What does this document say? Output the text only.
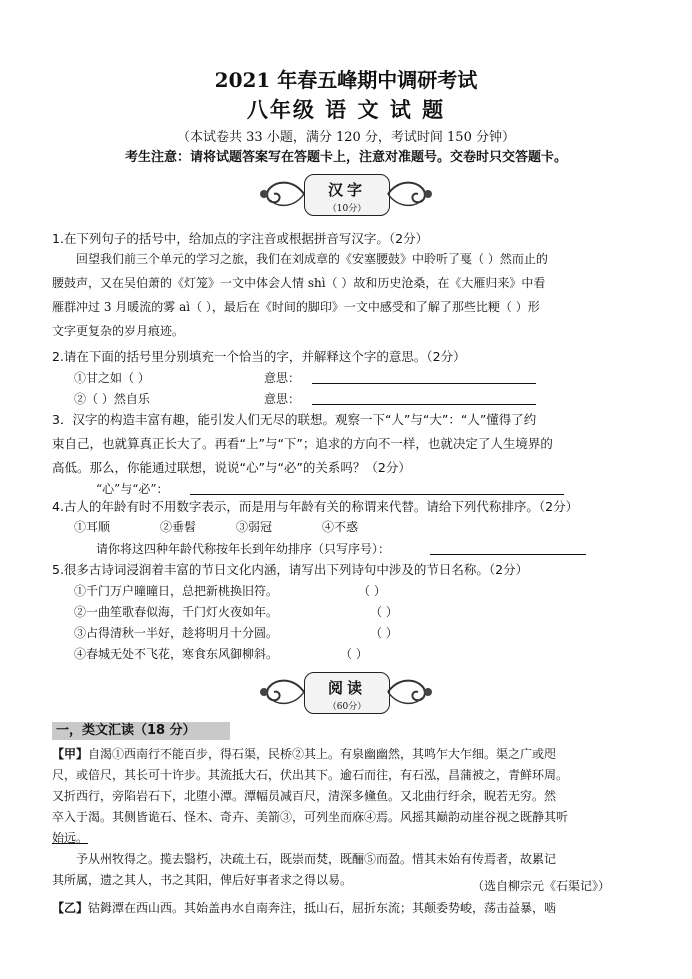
2021 年春五峰期中调研考试
八年级 语 文 试 题
（本试卷共 33 小题，满分 120 分，考试时间 150 分钟）
考生注意：请将试题答案写在答题卡上，注意对准题号。交卷时只交答题卡。
汉字
（10分）
1.在下列句子的括号中，给加点的字注音或根据拼音写汉字。（2分）
回望我们前三个单元的学习之旅，我们在刘成章的《安塞腰鼓》中聆听了戛（ ）然而止的
腰鼓声，又在吴伯萧的《灯笼》一文中体会人情 shì（ ）故和历史沧桑，在《大雁归来》中看
雁群冲过 3 月暖流的雾 aì（ ），最后在《时间的脚印》一文中感受和了解了那些比粳（ ）形
文字更复杂的岁月痕迹。
2.请在下面的括号里分别填充一个恰当的字，并解释这个字的意思。（2分）
①甘之如（ ）	意思：
②（ ）然自乐	意思：
3．汉字的构造丰富有趣，能引发人们无尽的联想。观察一下“人”与“大”：“人”懂得了约
束自己，也就算真正长大了。再看“上”与“下”；追求的方向不一样，也就决定了人生境界的
高低。那么，你能通过联想，说说“心”与“必”的关系吗？（2分）
“心”与“必”：
4.古人的年龄有时不用数字表示，而是用与年龄有关的称谓来代替。请给下列代称排序。（2分）
①耳顺	②垂髫	③弱冠	④不惑
请你将这四种年龄代称按年长到年幼排序（只写序号）：
5.很多古诗词浸润着丰富的节日文化内涵，请写出下列诗句中涉及的节日名称。（2分）
①千门万户曈曈日，总把新桃换旧符。	（ ）
②一曲笙歌春似海，千门灯火夜如年。	（ ）
③占得清秋一半好，趁将明月十分圆。	（ ）
④春城无处不飞花，寒食东风御柳斜。	（ ）
阅读
（60分）
一，类文汇读（18 分）
【甲】自渴①西南行不能百步，得石渠，民桥②其上。有泉幽幽然，其鸣乍大乍细。渠之广或咫
尺，或倍尺，其长可十许步。其流抵大石，伏出其下。逾石而往，有石泓，昌蒲被之，青鲜环周。
又折西行，旁陷岩石下，北堕小潭。潭幅员减百尺，清深多儵鱼。又北曲行纡余，睨若无穷。然
卒入于渴。其侧皆诡石、怪木、奇卉、美箭③，可列坐而庥④焉。风摇其巅韵动崖谷视之既静其听
始远。
予从州牧得之。揽去翳朽，决疏土石，既崇而焚，既酾⑤而盈。惜其未始有传焉者，故累记
其所属，遗之其人，书之其阳，俾后好事者求之得以易。	（选自柳宗元《石渠记》）
【乙】钴鉧潭在西山西。其始盖冉水自南奔注，抵山石，屈折东流；其颠委势峻，荡击益暴，啮
